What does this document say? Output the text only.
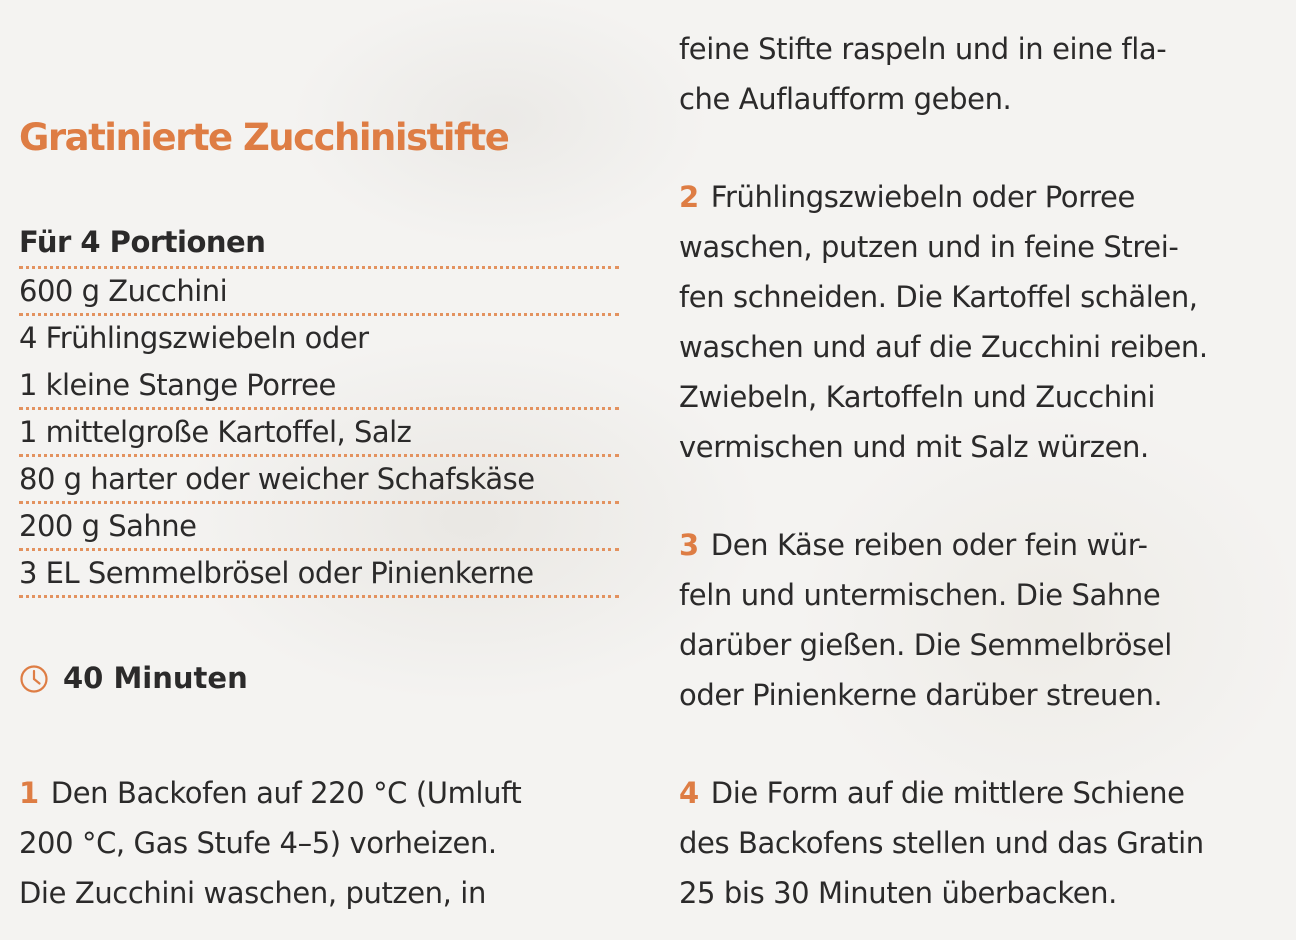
Gratinierte Zucchinistifte
Für 4 Portionen
600 g Zucchini
4 Frühlingszwiebeln oder
1 kleine Stange Porree
1 mittelgroße Kartoffel, Salz
80 g harter oder weicher Schafskäse
200 g Sahne
3 EL Semmelbrösel oder Pinienkerne
40 Minuten

1 Den Backofen auf 220 °C (Umluft
200 °C, Gas Stufe 4–5) vorheizen.
Die Zucchini waschen, putzen, in

feine Stifte raspeln und in eine fla-
che Auflaufform geben.

2 Frühlingszwiebeln oder Porree
waschen, putzen und in feine Strei-
fen schneiden. Die Kartoffel schälen,
waschen und auf die Zucchini reiben.
Zwiebeln, Kartoffeln und Zucchini
vermischen und mit Salz würzen.

3 Den Käse reiben oder fein wür-
feln und untermischen. Die Sahne
darüber gießen. Die Semmelbrösel
oder Pinienkerne darüber streuen.

4 Die Form auf die mittlere Schiene
des Backofens stellen und das Gratin
25 bis 30 Minuten überbacken.
